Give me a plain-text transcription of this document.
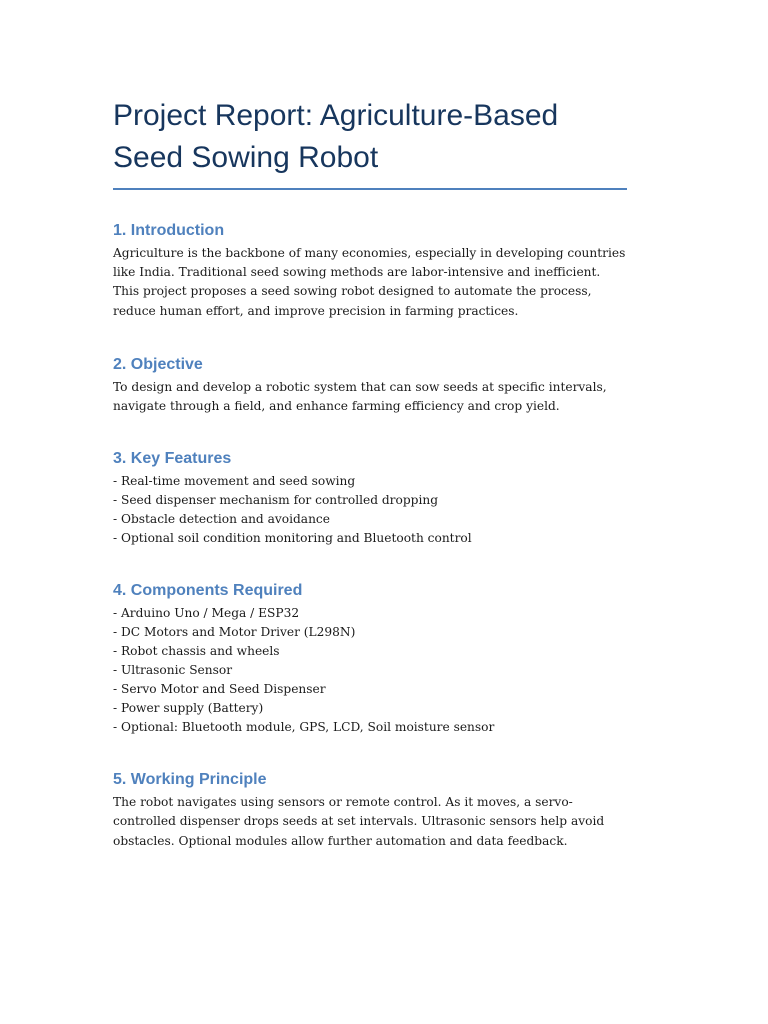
Project Report: Agriculture-Based Seed Sowing Robot
1. Introduction

Agriculture is the backbone of many economies, especially in developing countries like India. Traditional seed sowing methods are labor-intensive and inefficient. This project proposes a seed sowing robot designed to automate the process, reduce human effort, and improve precision in farming practices.

2. Objective

To design and develop a robotic system that can sow seeds at specific intervals, navigate through a field, and enhance farming efficiency and crop yield.

3. Key Features
- Real-time movement and seed sowing
- Seed dispenser mechanism for controlled dropping
- Obstacle detection and avoidance
- Optional soil condition monitoring and Bluetooth control
4. Components Required
- Arduino Uno / Mega / ESP32
- DC Motors and Motor Driver (L298N)
- Robot chassis and wheels
- Ultrasonic Sensor
- Servo Motor and Seed Dispenser
- Power supply (Battery)
- Optional: Bluetooth module, GPS, LCD, Soil moisture sensor
5. Working Principle

The robot navigates using sensors or remote control. As it moves, a servo-controlled dispenser drops seeds at set intervals. Ultrasonic sensors help avoid obstacles. Optional modules allow further automation and data feedback.
